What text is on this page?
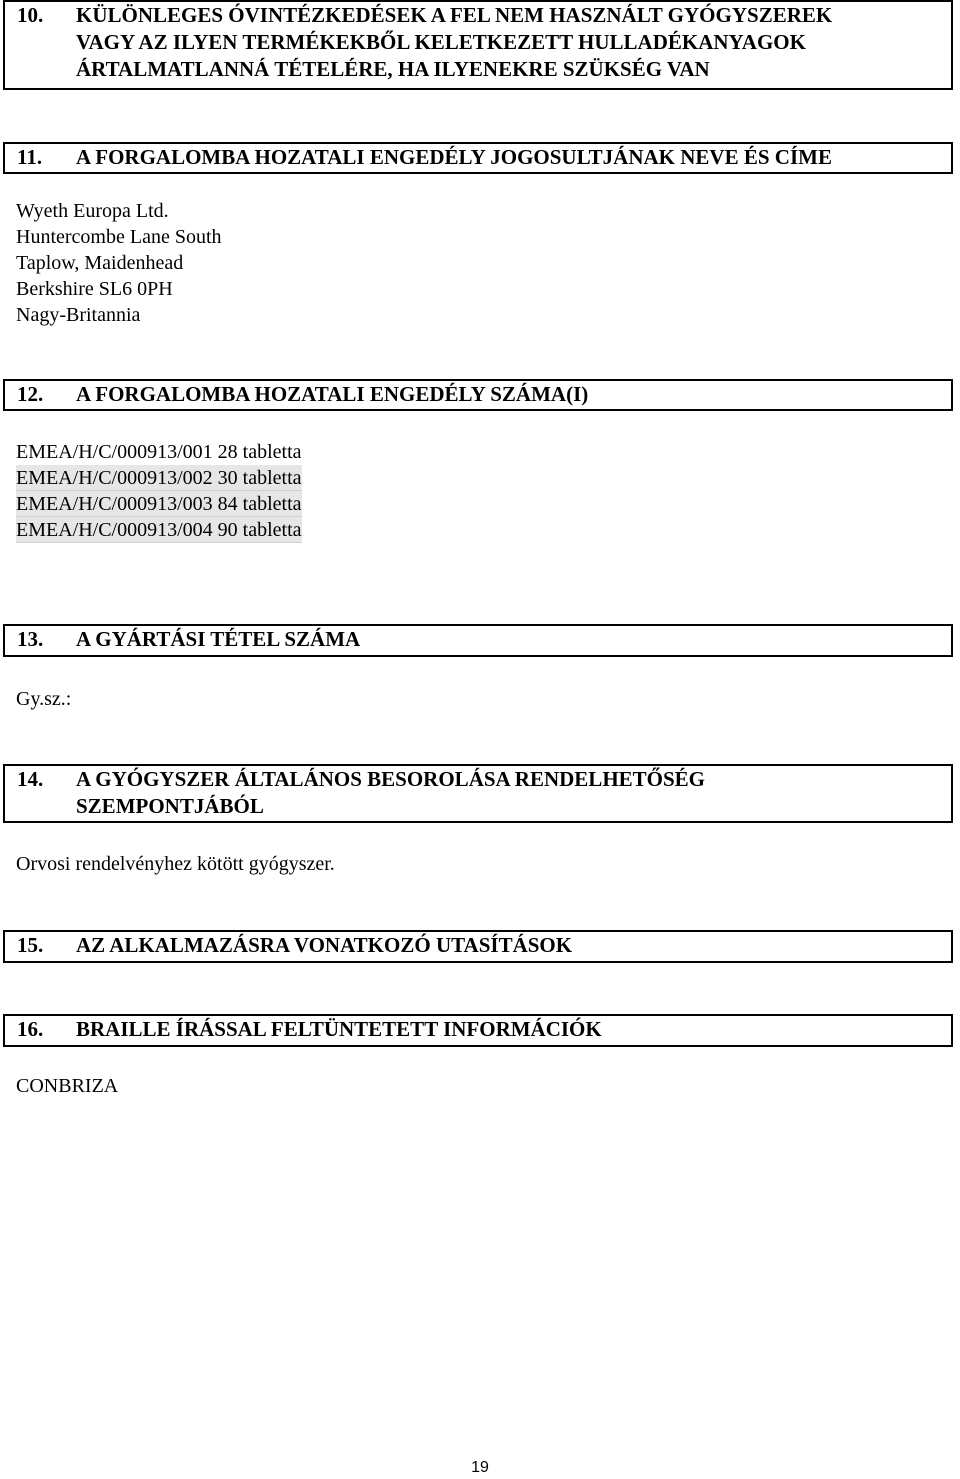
10. KÜLÖNLEGES ÓVINTÉZKEDÉSEK A FEL NEM HASZNÁLT GYÓGYSZEREK
VAGY AZ ILYEN TERMÉKEKBŐL KELETKEZETT HULLADÉKANYAGOK
ÁRTALMATLANNÁ TÉTELÉRE, HA ILYENEKRE SZÜKSÉG VAN
11. A FORGALOMBA HOZATALI ENGEDÉLY JOGOSULTJÁNAK NEVE ÉS CÍME
Wyeth Europa Ltd.
Huntercombe Lane South
Taplow, Maidenhead
Berkshire SL6 0PH
Nagy-Britannia
12. A FORGALOMBA HOZATALI ENGEDÉLY SZÁMA(I)
EMEA/H/C/000913/001 28 tabletta
EMEA/H/C/000913/002 30 tabletta
EMEA/H/C/000913/003 84 tabletta
EMEA/H/C/000913/004 90 tabletta
13. A GYÁRTÁSI TÉTEL SZÁMA
Gy.sz.:
14. A GYÓGYSZER ÁLTALÁNOS BESOROLÁSA RENDELHETŐSÉG
SZEMPONTJÁBÓL
Orvosi rendelvényhez kötött gyógyszer.
15. AZ ALKALMAZÁSRA VONATKOZÓ UTASÍTÁSOK
16. BRAILLE ÍRÁSSAL FELTÜNTETETT INFORMÁCIÓK
CONBRIZA
19
